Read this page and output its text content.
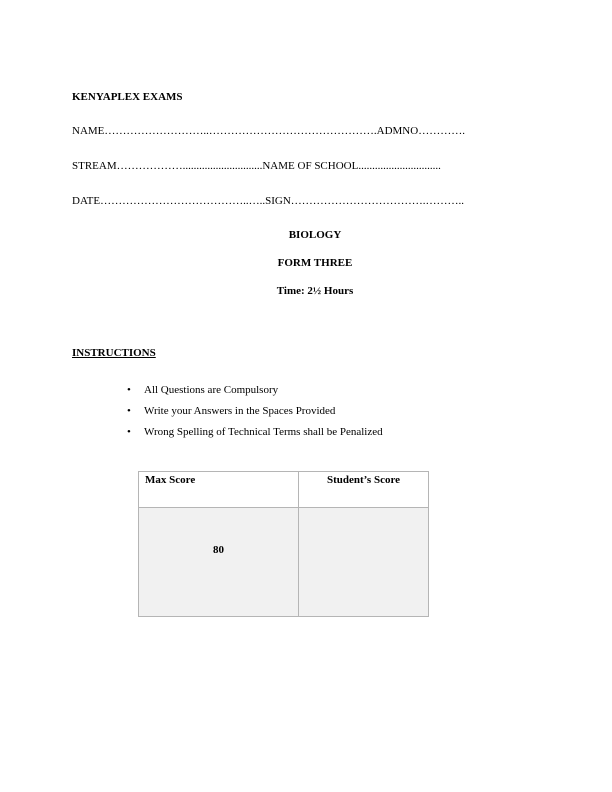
KENYAPLEX EXAMS
NAME………………………..……………………………………….ADMNO………….
STREAM……………….............................NAME OF SCHOOL..............................
DATE…………………………………..…..SIGN……………………………….………..
BIOLOGY
FORM THREE
Time: 2½ Hours
INSTRUCTIONS
• All Questions are Compulsory
• Write your Answers in the Spaces Provided
• Wrong Spelling of Technical Terms shall be Penalized
Max Score	Student’s Score
80	
